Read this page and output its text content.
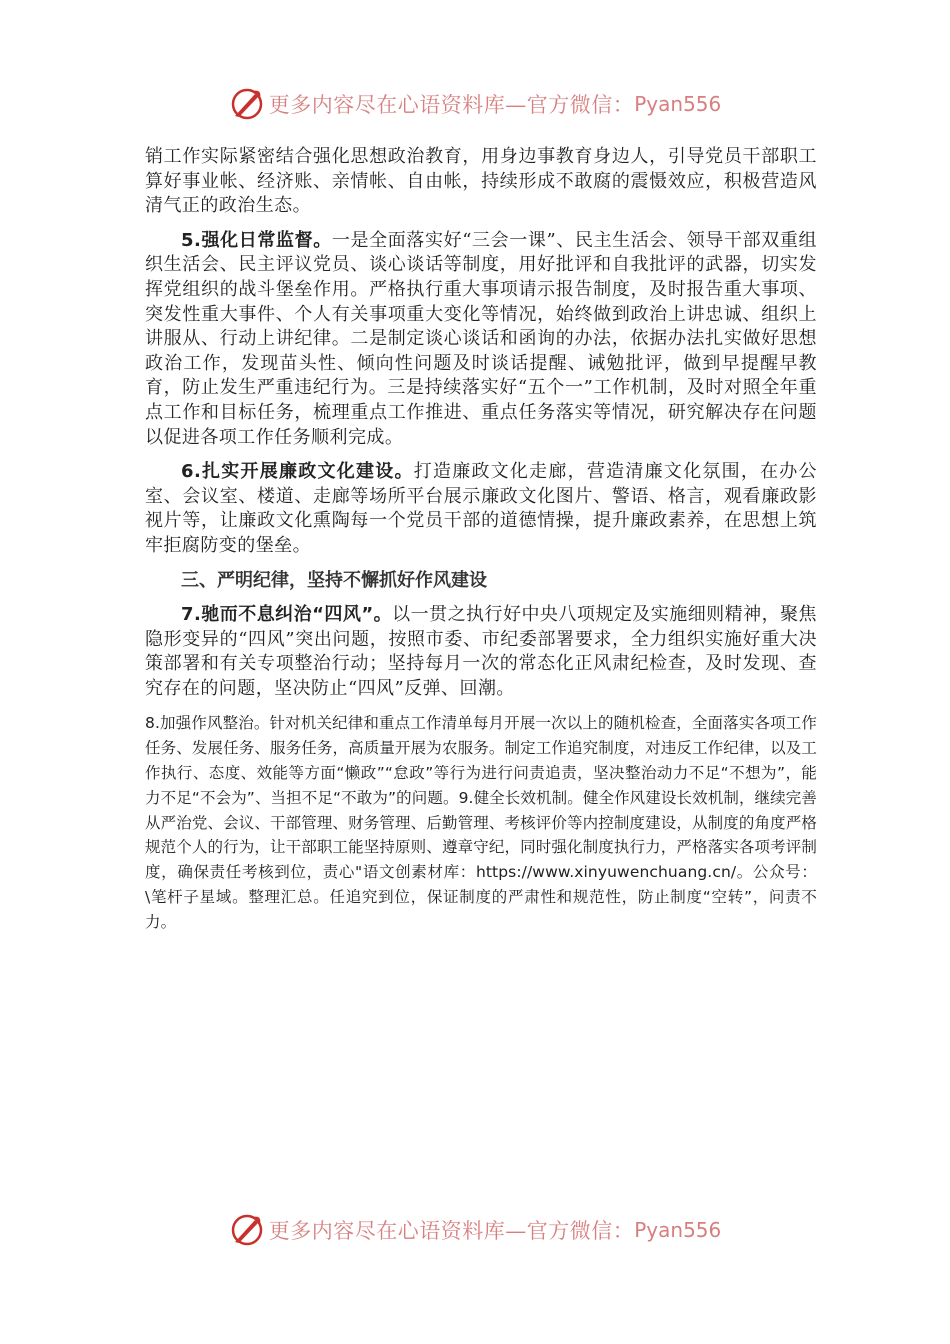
更多内容尽在心语资料库—官方微信： Pyan556

销工作实际紧密结合强化思想政治教育，用身边事教育身边人，引导党员干部职工算好事业帐、经济账、亲情帐、自由帐，持续形成不敢腐的震慑效应，积极营造风清气正的政治生态。

5.强化日常监督。一是全面落实好“三会一课”、民主生活会、领导干部双重组织生活会、民主评议党员、谈心谈话等制度，用好批评和自我批评的武器，切实发挥党组织的战斗堡垒作用。严格执行重大事项请示报告制度，及时报告重大事项、突发性重大事件、个人有关事项重大变化等情况，始终做到政治上讲忠诚、组织上讲服从、行动上讲纪律。二是制定谈心谈话和函询的办法，依据办法扎实做好思想政治工作，发现苗头性、倾向性问题及时谈话提醒、诫勉批评，做到早提醒早教育，防止发生严重违纪行为。三是持续落实好“五个一”工作机制，及时对照全年重点工作和目标任务，梳理重点工作推进、重点任务落实等情况，研究解决存在问题以促进各项工作任务顺利完成。

6.扎实开展廉政文化建设。打造廉政文化走廊，营造清廉文化氛围，在办公室、会议室、楼道、走廊等场所平台展示廉政文化图片、警语、格言，观看廉政影视片等，让廉政文化熏陶每一个党员干部的道德情操，提升廉政素养，在思想上筑牢拒腐防变的堡垒。

三、严明纪律，坚持不懈抓好作风建设

7.驰而不息纠治“四风”。以一贯之执行好中央八项规定及实施细则精神，聚焦隐形变异的“四风”突出问题，按照市委、市纪委部署要求，全力组织实施好重大决策部署和有关专项整治行动；坚持每月一次的常态化正风肃纪检查，及时发现、查究存在的问题，坚决防止“四风”反弹、回潮。

8.加强作风整治。针对机关纪律和重点工作清单每月开展一次以上的随机检查，全面落实各项工作任务、发展任务、服务任务，高质量开展为农服务。制定工作追究制度，对违反工作纪律，以及工作执行、态度、效能等方面“懒政”“怠政”等行为进行问责追责，坚决整治动力不足“不想为”，能力不足“不会为”、当担不足“不敢为”的问题。9.健全长效机制。健全作风建设长效机制，继续完善从严治党、会议、干部管理、财务管理、后勤管理、考核评价等内控制度建设，从制度的角度严格规范个人的行为，让干部职工能坚持原则、遵章守纪，同时强化制度执行力，严格落实各项考评制度，确保责任考核到位，责心"语文创素材库：https://www.xinyuwenchuang.cn/。公众号：\笔杆子星域。整理汇总。任追究到位，保证制度的严肃性和规范性，防止制度“空转”，问责不力。

更多内容尽在心语资料库—官方微信： Pyan556
